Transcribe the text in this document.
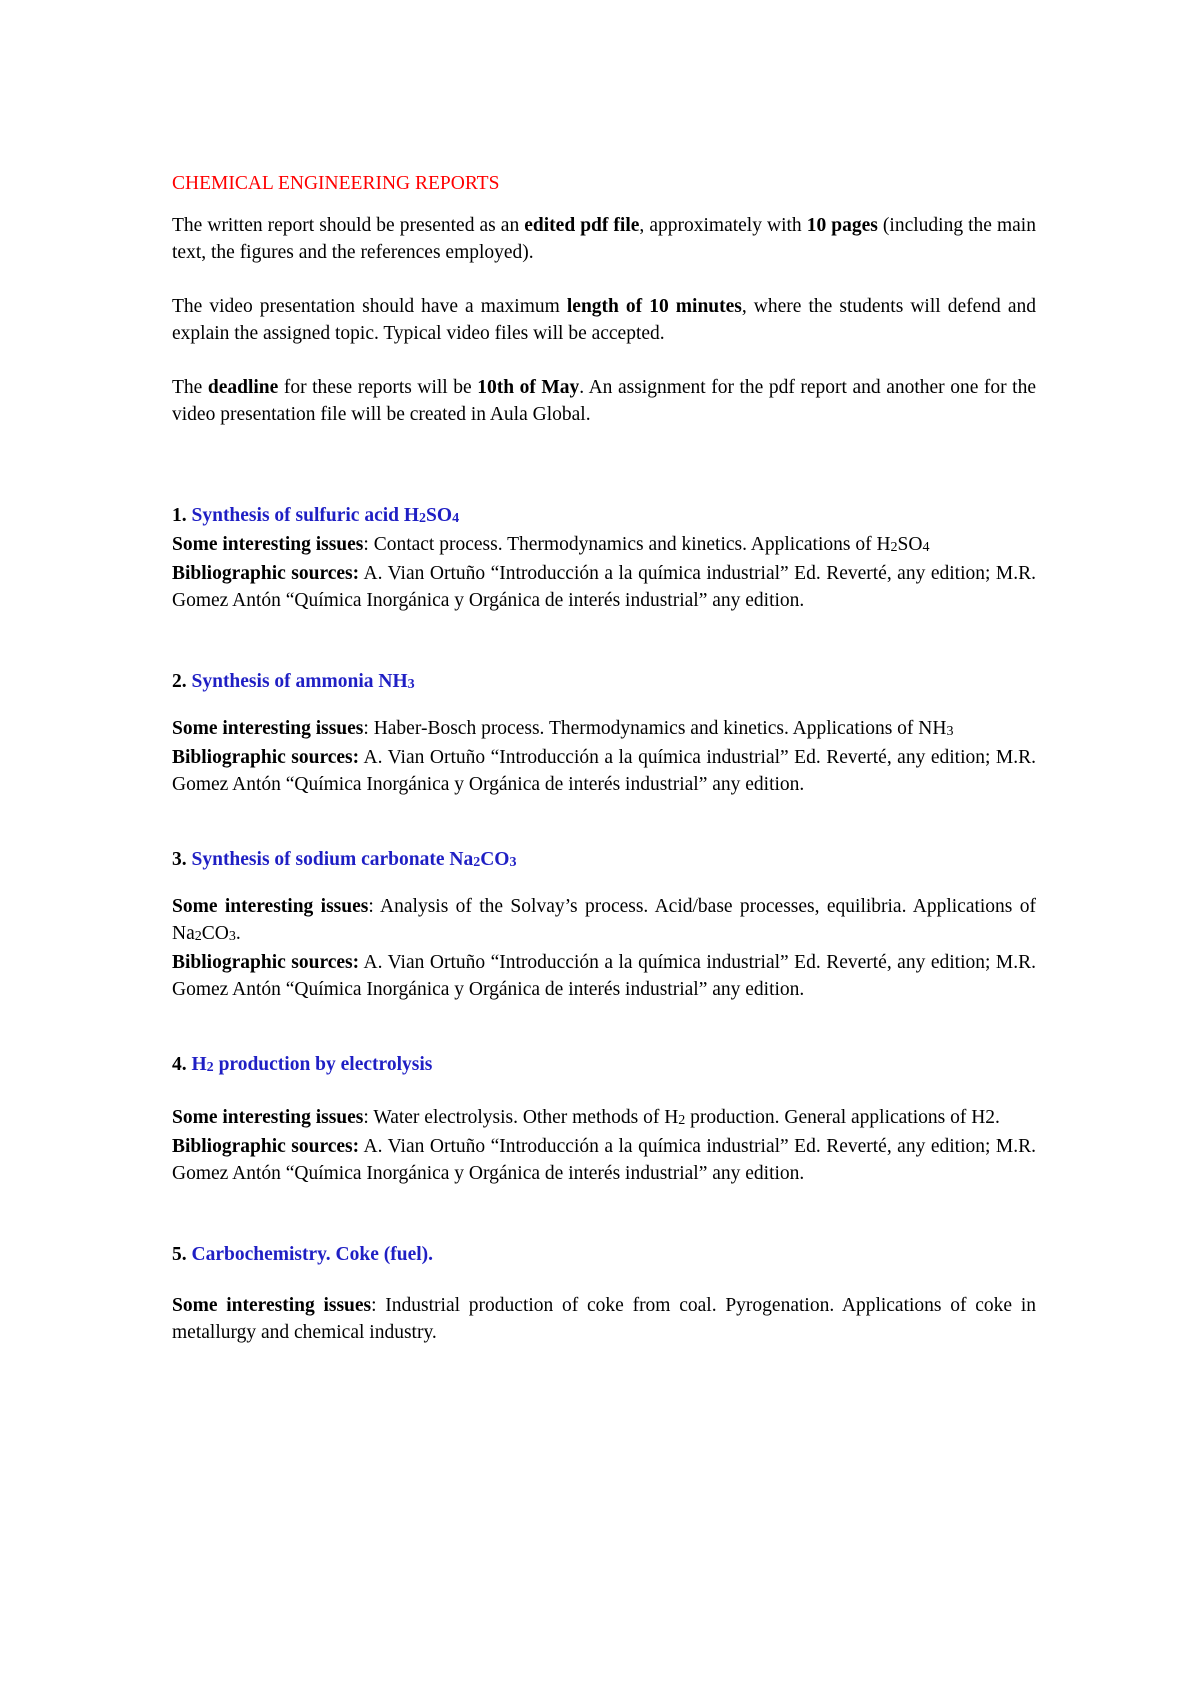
CHEMICAL ENGINEERING REPORTS

The written report should be presented as an edited pdf file, approximately with 10 pages (including the main text, the figures and the references employed).

The video presentation should have a maximum length of 10 minutes, where the students will defend and explain the assigned topic. Typical video files will be accepted.

The deadline for these reports will be 10th of May. An assignment for the pdf report and another one for the video presentation file will be created in Aula Global.

1. Synthesis of sulfuric acid $H_2SO_4$

Some interesting issues: Contact process. Thermodynamics and kinetics. Applications of $H_2SO_4$

Bibliographic sources: A. Vian Ortuño “Introducción a la química industrial” Ed. Reverté, any edition; M.R. Gomez Antón “Química Inorgánica y Orgánica de interés industrial” any edition.

2. Synthesis of ammonia $NH_3$

Some interesting issues: Haber-Bosch process. Thermodynamics and kinetics. Applications of $NH_3$

Bibliographic sources: A. Vian Ortuño “Introducción a la química industrial” Ed. Reverté, any edition; M.R. Gomez Antón “Química Inorgánica y Orgánica de interés industrial” any edition.

3. Synthesis of sodium carbonate $Na_2CO_3$

Some interesting issues: Analysis of the Solvay’s process. Acid/base processes, equilibria. Applications of $Na_2CO_3$.

Bibliographic sources: A. Vian Ortuño “Introducción a la química industrial” Ed. Reverté, any edition; M.R. Gomez Antón “Química Inorgánica y Orgánica de interés industrial” any edition.

4. $H_2$ production by electrolysis

Some interesting issues: Water electrolysis. Other methods of $H_2$ production. General applications of H2.

Bibliographic sources: A. Vian Ortuño “Introducción a la química industrial” Ed. Reverté, any edition; M.R. Gomez Antón “Química Inorgánica y Orgánica de interés industrial” any edition.

5. Carbochemistry. Coke (fuel).

Some interesting issues: Industrial production of coke from coal. Pyrogenation. Applications of coke in metallurgy and chemical industry.
